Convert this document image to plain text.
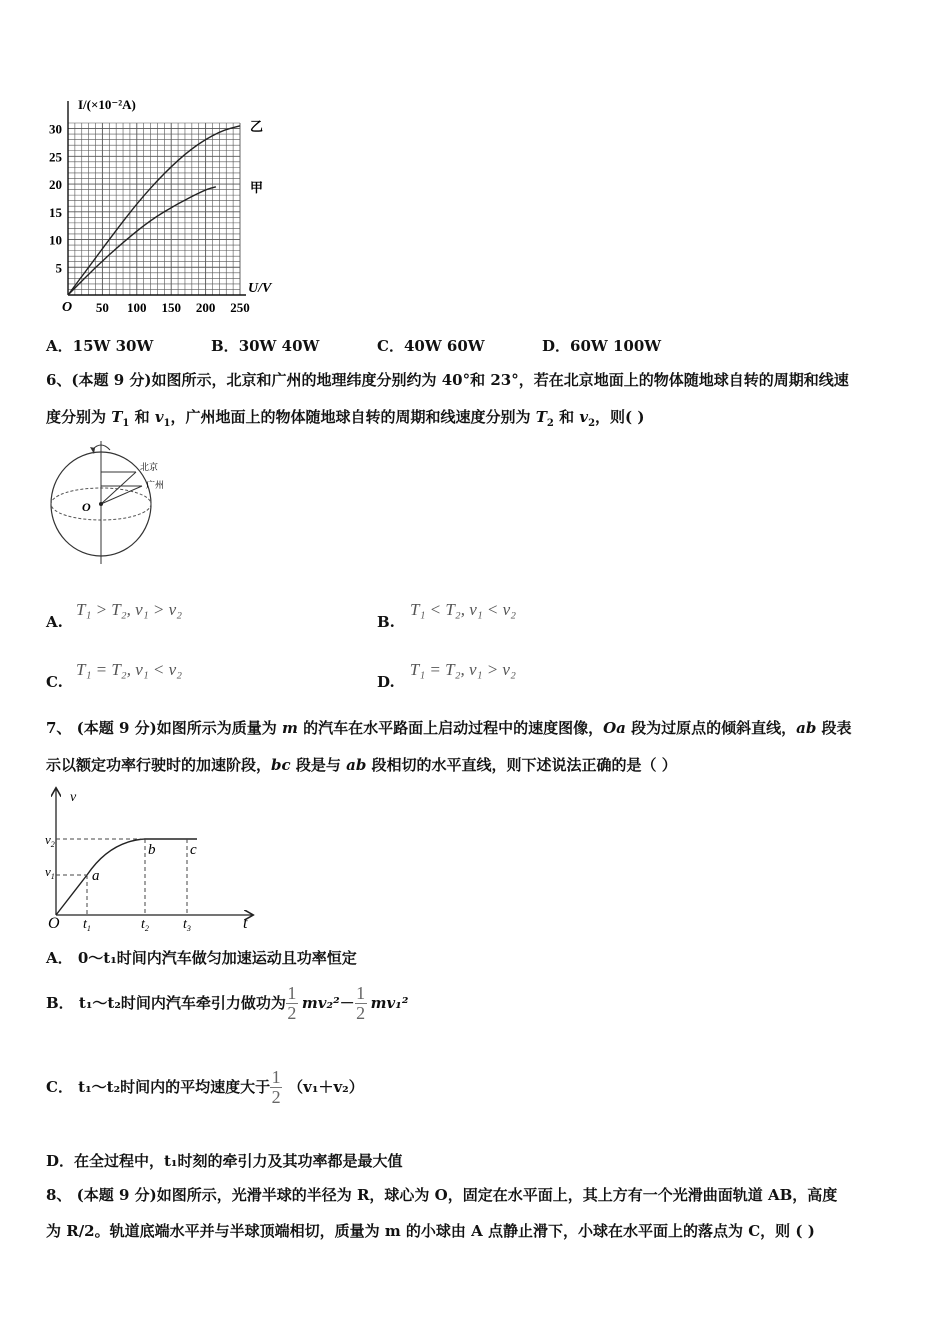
5
10
15
20
25
30
50 100 150 200 250
乙
甲
I/(×10⁻²A)
U/V
O
A．15W 30W	B．30W 40W	C．40W 60W	D．60W 100W
6、(本题 9 分)如图所示，北京和广州的地理纬度分别约为 40°和 23°，若在北京地面上的物体随地球自转的周期和线速
度分别为 $T_1$ 和 $v_1$，广州地面上的物体随地球自转的周期和线速度分别为 $T_2$ 和 $v_2$，则( )
北京
广州
O
A. T₁ > T₂, v₁ > v₂
B. T₁ < T₂, v₁ < v₂
C. T₁ = T₂, v₁ < v₂
D. T₁ = T₂, v₁ > v₂
7、 (本题 9 分)如图所示为质量为 m 的汽车在水平路面上启动过程中的速度图像，Oa 段为过原点的倾斜直线，ab 段表
示以额定功率行驶时的加速阶段，bc 段是与 ab 段相切的水平直线，则下述说法正确的是（ ）
v
t
O
$v_2$
$v_1$
$t_1$	$t_2$ $t_3$
a
b c
A． 0～t₁时间内汽车做匀加速运动且功率恒定
B． t₁～t₂时间内汽车牵引力做功为 $\frac{1}{2} mv_2^2 - \frac{1}{2} mv_1^2$
C． t₁～t₂时间内的平均速度大于 $\frac{1}{2} (v_1+v_2)$
D．在全过程中，t₁时刻的牵引力及其功率都是最大值
8、 (本题 9 分)如图所示，光滑半球的半径为 R，球心为 O，固定在水平面上，其上方有一个光滑曲面轨道 AB，高度
为 R/2。轨道底端水平并与半球顶端相切，质量为 m 的小球由 A 点静止滑下，小球在水平面上的落点为 C，则 ( )
